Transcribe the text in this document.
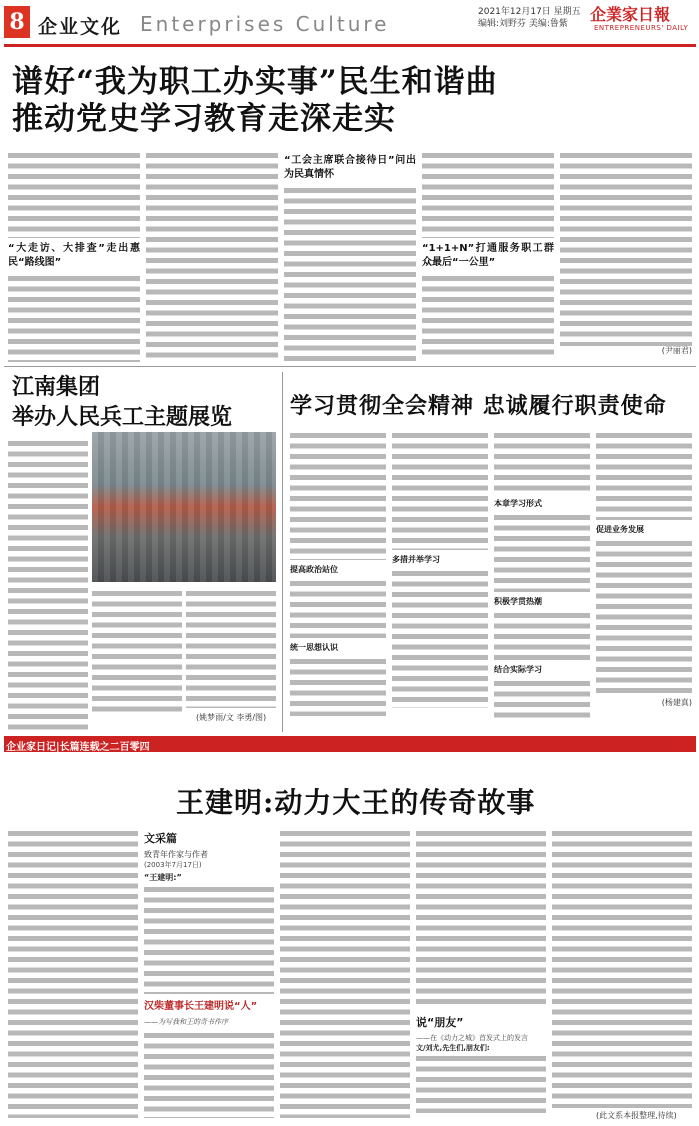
8 企业文化 Enterprises Culture	2021年12月17日 星期五
编辑:刘野芬 美编:鲁紫	企業家日報
ENTREPRENEURS' DAILY
谱好“我为职工办实事”民生和谐曲
推动党史学习教育走深走实
“大走访、大排查”走出惠民“路线图”
“工会主席联合接待日”问出为民真情怀
“1+1+N”打通服务职工群众最后“一公里”
(尹丽君)
江南集团
举办人民兵工主题展览
(姚梦雨/文 李勇/图)
学习贯彻全会精神 忠诚履行职责使命
提高政治站位
统一思想认识
多措并举学习
本章学习形式
积极学贯热潮
结合实际学习
促进业务发展
(杨建真)
企业家日记|长篇连载之二百零四
王建明:动力大王的传奇故事
文采篇
致青年作家与作者
(2003年7月17日)
“王建明:”
汉柴董事长王建明说“人”
——为写我和王的奇书作序	说“朋友”
——在《动力之城》首发式上的发言
文/刘尤,先生们,朋友们:
(此文系本报整理,待续)
